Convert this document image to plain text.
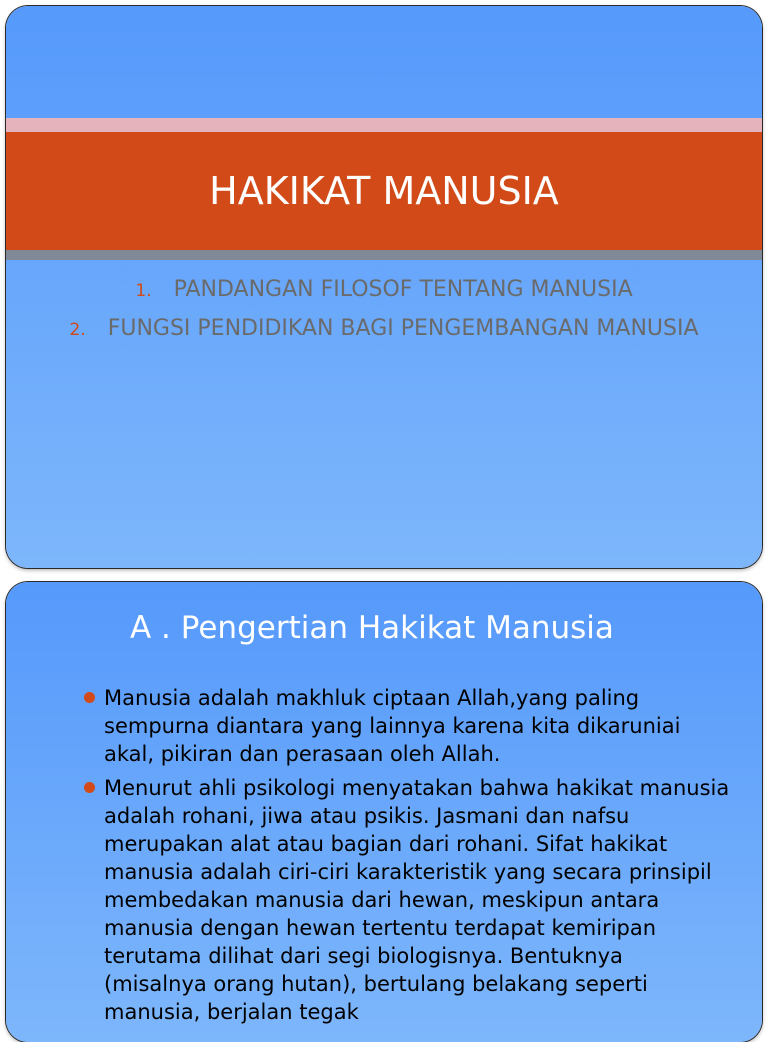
HAKIKAT MANUSIA
1. PANDANGAN FILOSOF TENTANG MANUSIA
2. FUNGSI PENDIDIKAN BAGI PENGEMBANGAN MANUSIA
A . Pengertian Hakikat Manusia
Manusia adalah makhluk ciptaan Allah,yang paling sempurna diantara yang lainnya karena kita dikaruniai akal, pikiran dan perasaan oleh Allah.
Menurut ahli psikologi menyatakan bahwa hakikat manusia adalah rohani, jiwa atau psikis. Jasmani dan nafsu merupakan alat atau bagian dari rohani. Sifat hakikat manusia adalah ciri-ciri karakteristik yang secara prinsipil membedakan manusia dari hewan, meskipun antara manusia dengan hewan tertentu terdapat kemiripan terutama dilihat dari segi biologisnya. Bentuknya (misalnya orang hutan), bertulang belakang seperti manusia, berjalan tegak
